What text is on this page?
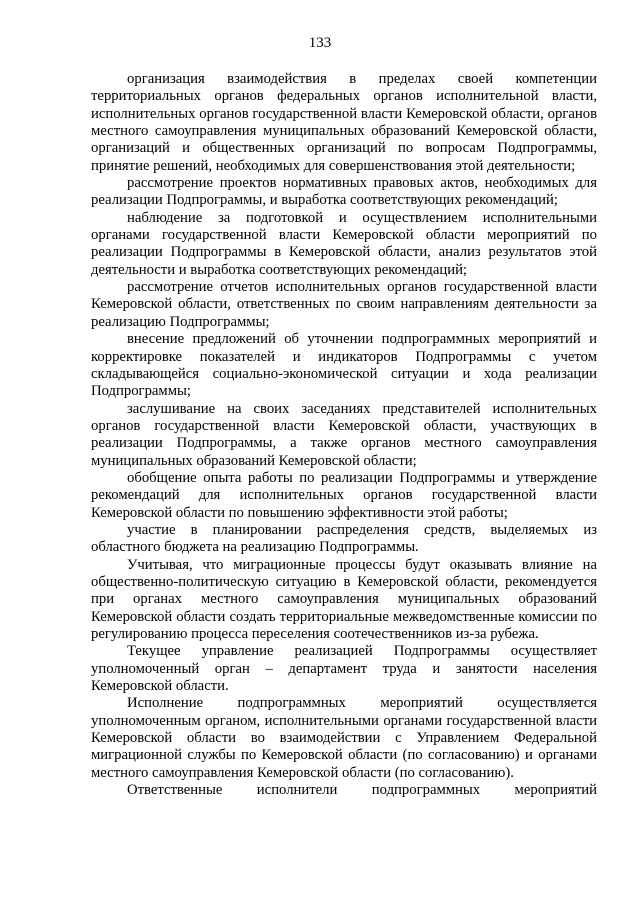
133

организация взаимодействия в пределах своей компетенции территориальных органов федеральных органов исполнительной власти, исполнительных органов государственной власти Кемеровской области, органов местного самоуправления муниципальных образований Кемеровской области, организаций и общественных организаций по вопросам Подпрограммы, принятие решений, необходимых для совершенствования этой деятельности;

рассмотрение проектов нормативных правовых актов, необходимых для реализации Подпрограммы, и выработка соответствующих рекомендаций;

наблюдение за подготовкой и осуществлением исполнительными органами государственной власти Кемеровской области мероприятий по реализации Подпрограммы в Кемеровской области, анализ результатов этой деятельности и выработка соответствующих рекомендаций;

рассмотрение отчетов исполнительных органов государственной власти Кемеровской области, ответственных по своим направлениям деятельности за реализацию Подпрограммы;

внесение предложений об уточнении подпрограммных мероприятий и корректировке показателей и индикаторов Подпрограммы с учетом складывающейся социально-экономической ситуации и хода реализации Подпрограммы;

заслушивание на своих заседаниях представителей исполнительных органов государственной власти Кемеровской области, участвующих в реализации Подпрограммы, а также органов местного самоуправления муниципальных образований Кемеровской области;

обобщение опыта работы по реализации Подпрограммы и утверждение рекомендаций для исполнительных органов государственной власти Кемеровской области по повышению эффективности этой работы;

участие в планировании распределения средств, выделяемых из областного бюджета на реализацию Подпрограммы.

Учитывая, что миграционные процессы будут оказывать влияние на общественно-политическую ситуацию в Кемеровской области, рекомендуется при органах местного самоуправления муниципальных образований Кемеровской области создать территориальные межведомственные комиссии по регулированию процесса переселения соотечественников из-за рубежа.

Текущее управление реализацией Подпрограммы осуществляет уполномоченный орган – департамент труда и занятости населения Кемеровской области.

Исполнение подпрограммных мероприятий осуществляется уполномоченным органом, исполнительными органами государственной власти Кемеровской области во взаимодействии с Управлением Федеральной миграционной службы по Кемеровской области (по согласованию) и органами местного самоуправления Кемеровской области (по согласованию).

Ответственные исполнители подпрограммных мероприятий
